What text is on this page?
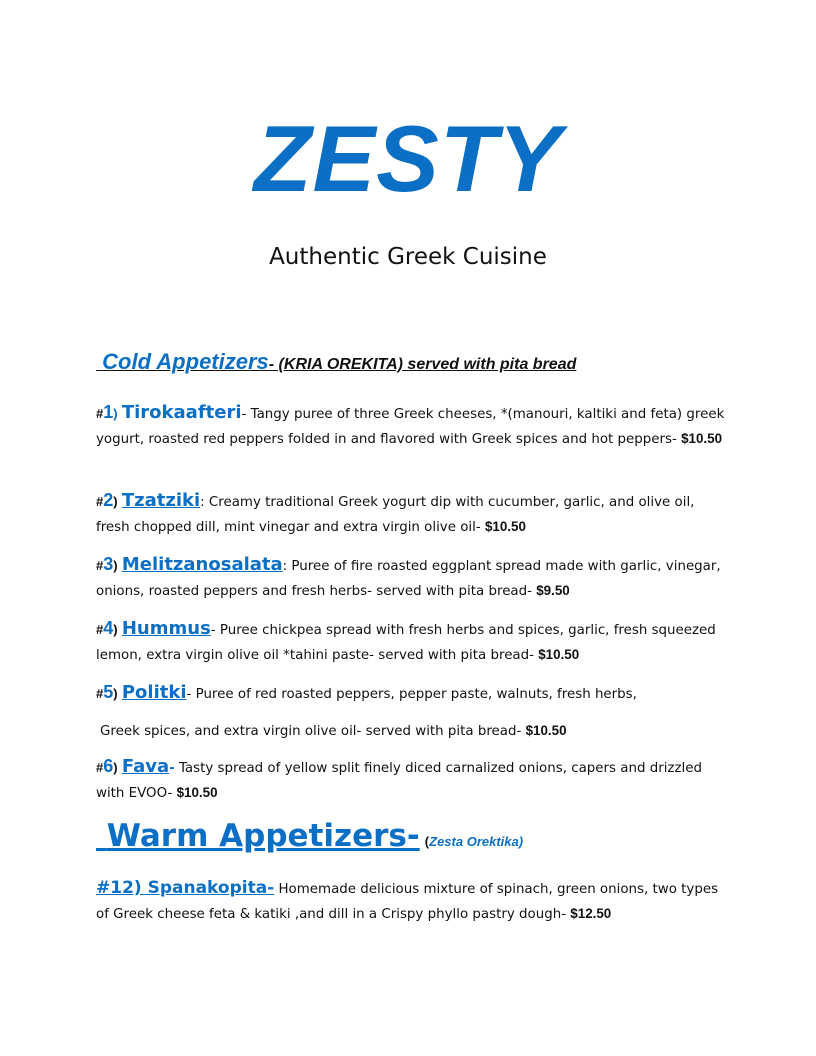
ZESTY
Authentic Greek Cuisine
Cold Appetizers- (KRIA OREKITA) served with pita bread
#1) Tirokaafteri- Tangy puree of three Greek cheeses, *(manouri, kaltiki and feta) greek yogurt, roasted red peppers folded in and flavored with Greek spices and hot peppers- $10.50
#2) Tzatziki: Creamy traditional Greek yogurt dip with cucumber, garlic, and olive oil, fresh chopped dill, mint vinegar and extra virgin olive oil- $10.50
#3) Melitzanosalata: Puree of fire roasted eggplant spread made with garlic, vinegar, onions, roasted peppers and fresh herbs- served with pita bread- $9.50
#4) Hummus- Puree chickpea spread with fresh herbs and spices, garlic, fresh squeezed lemon, extra virgin olive oil *tahini paste- served with pita bread- $10.50
#5) Politki- Puree of red roasted peppers, pepper paste, walnuts, fresh herbs,
Greek spices, and extra virgin olive oil- served with pita bread- $10.50
#6) Fava- Tasty spread of yellow split finely diced carnalized onions, capers and drizzled with EVOO- $10.50
Warm Appetizers- (Zesta Orektika)
#12) Spanakopita- Homemade delicious mixture of spinach, green onions, two types of Greek cheese feta & katiki ,and dill in a Crispy phyllo pastry dough- $12.50
